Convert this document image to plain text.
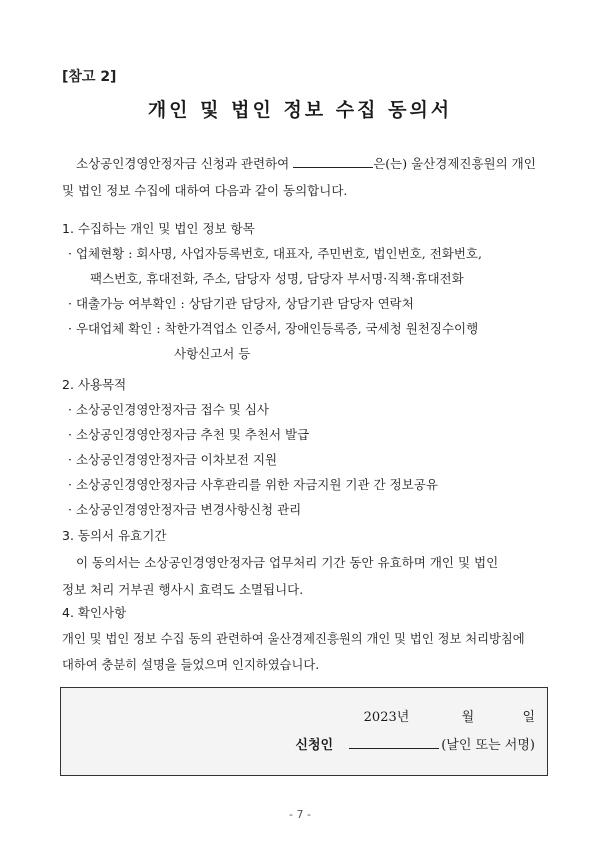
[참고 2]
개인 및 법인 정보 수집 동의서
소상공인경영안정자금 신청과 관련하여	은(는) 울산경제진흥원의 개인
및 법인 정보 수집에 대하여 다음과 같이 동의합니다.
1. 수집하는 개인 및 법인 정보 항목
· 업체현황 : 회사명, 사업자등록번호, 대표자, 주민번호, 법인번호, 전화번호,
팩스번호, 휴대전화, 주소, 담당자 성명, 담당자 부서명·직책·휴대전화
· 대출가능 여부확인 : 상담기관 담당자, 상담기관 담당자 연락처
· 우대업체 확인 : 착한가격업소 인증서, 장애인등록증, 국세청 원천징수이행
사항신고서 등
2. 사용목적
· 소상공인경영안정자금 접수 및 심사
· 소상공인경영안정자금 추천 및 추천서 발급
· 소상공인경영안정자금 이차보전 지원
· 소상공인경영안정자금 사후관리를 위한 자금지원 기관 간 정보공유
· 소상공인경영안정자금 변경사항신청 관리
3. 동의서 유효기간
이 동의서는 소상공인경영안정자금 업무처리 기간 동안 유효하며 개인 및 법인
정보 처리 거부권 행사시 효력도 소멸됩니다.
4. 확인사항
개인 및 법인 정보 수집 동의 관련하여 울산경제진흥원의 개인 및 법인 정보 처리방침에
대하여 충분히 설명을 들었으며 인지하였습니다.
2023년	월	일
신청인	(날인 또는 서명)
- 7 -
